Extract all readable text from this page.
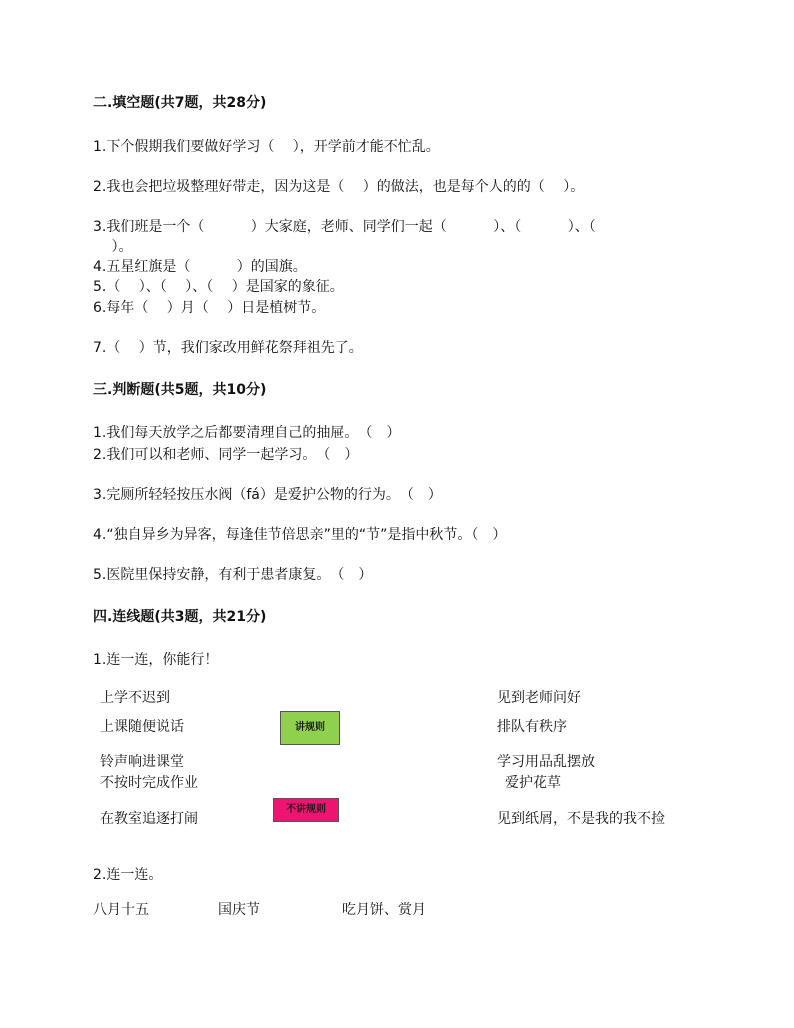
二.填空题(共7题，共28分)
1.下个假期我们要做好学习（　 ），开学前才能不忙乱。
2.我也会把垃圾整理好带走，因为这是（　 ）的做法，也是每个人的的（　 ）。
3.我们班是一个（　　　 ）大家庭，老师、同学们一起（　　　 ）、（　　　 ）、（
　 ）。
4.五星红旗是（　　　 ）的国旗。
5.（　 ）、（　 ）、（　 ）是国家的象征。
6.每年（　 ）月（　 ）日是植树节。
7.（　 ）节，我们家改用鲜花祭拜祖先了。
三.判断题(共5题，共10分)
1.我们每天放学之后都要清理自己的抽屉。　（　）
2.我们可以和老师、同学一起学习。　（　）
3.完厕所轻轻按压水阀（fá）是爱护公物的行为。　（　）
4.“独自异乡为异客，每逢佳节倍思亲”里的“节”是指中秋节。（　）
5.医院里保持安静，有利于患者康复。　（　）
四.连线题(共3题，共21分)
1.连一连，你能行！
上学不迟到
上课随便说话
铃声响进课堂
不按时完成作业
在教室追逐打闹
讲规则
不讲规则
见到老师问好
排队有秩序
学习用品乱摆放
爱护花草
见到纸屑，不是我的我不捡
2.连一连。
八月十五	国庆节	吃月饼、赏月
